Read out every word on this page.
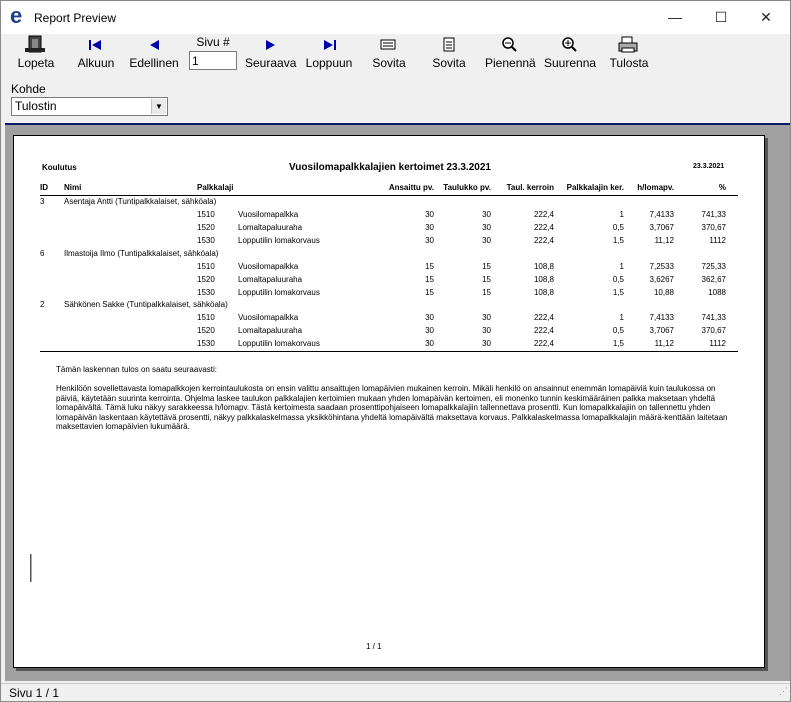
e Report Preview	—	☐	✕
Lopeta	Alkuun	Edellinen
Sivu #
1
Seuraava Loppuun	Sovita	Sovita	Pienennä Suurenna Tulosta
Kohde
Tulostin	▼
Koulutus	Vuosilomapalkkalajien kertoimet 23.3.2021	23.3.2021
ID Nimi	Palkkalaji	Ansaittu pv.	Taulukko pv.	Taul. kerroin	Palkkalajin ker.	h/lomapv.	%
3 Asentaja Antti (Tuntipalkkalaiset, sähköala)
1510	Vuosilomapalkka	30	30	222,4	1	7,4133	741,33
1520	Lomaltapaluuraha	30	30	222,4	0,5	3,7067	370,67
1530	Lopputilin lomakorvaus	30	30	222,4	1,5	11,12	1112
6 Ilmastoija Ilmo (Tuntipalkkalaiset, sähköala)
1510	Vuosilomapalkka	15	15	108,8	1	7,2533	725,33
1520	Lomaltapaluuraha	15	15	108,8	0,5	3,6267	362,67
1530	Lopputilin lomakorvaus	15	15	108,8	1,5	10,88	1088
2 Sähkönen Sakke (Tuntipalkkalaiset, sähköala)
1510	Vuosilomapalkka	30	30	222,4	1	7,4133	741,33
1520	Lomaltapaluuraha	30	30	222,4	0,5	3,7067	370,67
1530	Lopputilin lomakorvaus	30	30	222,4	1,5	11,12	1112
Tämän laskennan tulos on saatu seuraavasti:
Henkilöön sovellettavasta lomapalkkojen kerrointaulukosta on ensin valittu ansaittujen lomapäivien mukainen kerroin. Mikäli henkilö on ansainnut enemmän lomapäiviä kuin taulukossa on päiviä, käytetään suurinta kerrointa. Ohjelma laskee taulukon palkkalajien kertoimien mukaan yhden lomapäivän kertoimen, eli monenko tunnin keskimääräinen palkka maksetaan yhdeltä lomapäivältä. Tämä luku näkyy sarakkeessa h/lomapv. Tästä kertoimesta saadaan prosenttipohjaiseen lomapalkkalajiin tallennettava prosentti. Kun lomapalkkalajiin on tallennettu yhden lomapäivän laskentaan käytettävä prosentti, näkyy palkkalaskelmassa yksikköhintana yhdeltä lomapäivältä maksettava korvaus. Palkkalaskelmassa lomapalkkalajin määrä-kenttään laitetaan maksettavien lomapäivien lukumäärä.
1 / 1
Sivu 1 / 1	⋰
